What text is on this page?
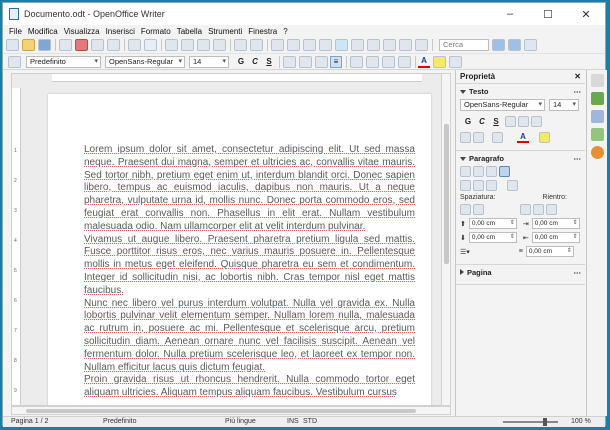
Documento.odt - OpenOffice Writer	–	☐	✕
File Modifica Visualizza Inserisci Formato Tabella Strumenti Finestra ?
Cerca
Predefinito ▾	OpenSans-Regular ▾	14 ▾	G	C	S	≡	A
1
2
3
4
5
6
7
8
9

Lorem ipsum dolor sit amet, consectetur adipiscing elit. Ut sed massa neque. Praesent dui magna, semper et ultricies ac, convallis vitae mauris. Sed tortor nibh, pretium eget enim ut, interdum blandit orci. Donec sapien libero, tempus ac euismod iaculis, dapibus non mauris. Ut a neque pharetra, vulputate urna id, mollis nunc. Donec porta commodo eros, sed feugiat erat convallis non. Phasellus in elit erat. Nullam vestibulum malesuada odio. Nam ullamcorper elit at velit interdum pulvinar.

Vivamus ut augue libero. Praesent pharetra pretium ligula sed mattis. Fusce porttitor risus eros, nec varius mauris posuere in. Pellentesque mollis in metus eget eleifend. Quisque pharetra eu sem et condimentum. Integer id sollicitudin nisi, ac lobortis nibh. Cras tempor nisl eget mattis faucibus.

Nunc nec libero vel purus interdum volutpat. Nulla vel gravida ex. Nulla lobortis pulvinar velit elementum semper. Nullam lorem nulla, malesuada ac rutrum in, posuere ac mi. Pellentesque et scelerisque arcu, pretium sollicitudin diam. Aenean ornare nunc vel facilisis suscipit. Aenean vel fermentum dolor. Nulla pretium scelerisque leo, et laoreet ex tempor non. Nullam efficitur lacus quis dictum feugiat.

Proin gravida risus ut rhoncus hendrerit. Nulla commodo tortor eget aliquam ultricies. Aliquam tempus aliquam faucibus. Vestibulum cursus

Proprietà	✕
Testo	⋯
OpenSans-Regular ▾	14 ▾
G	C	S
A
Paragrafo	⋯
Spaziatura:	Rientro:
⬆ 0,00 cm ⇕	⇥ 0,00 cm ⇕
⬇ 0,00 cm ⇕	⇤ 0,00 cm ⇕
☰▾	≡ 0,00 cm ⇕
Pagina	⋯
Pagina 1 / 2	Predefinito	Più lingue	INS STD	100 %
